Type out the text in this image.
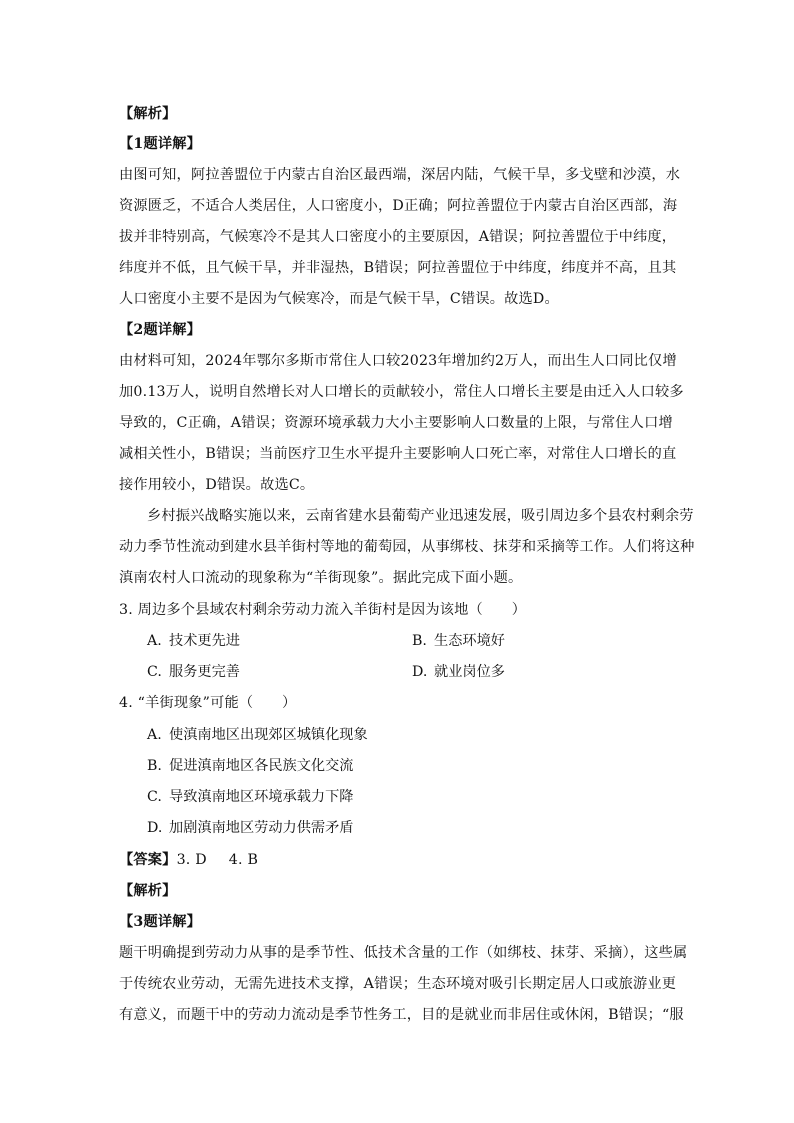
【解析】
【1题详解】
由图可知，阿拉善盟位于内蒙古自治区最西端，深居内陆，气候干旱，多戈壁和沙漠，水
资源匮乏，不适合人类居住，人口密度小，D正确；阿拉善盟位于内蒙古自治区西部，海
拔并非特别高，气候寒冷不是其人口密度小的主要原因，A错误；阿拉善盟位于中纬度，
纬度并不低，且气候干旱，并非湿热，B错误；阿拉善盟位于中纬度，纬度并不高，且其
人口密度小主要不是因为气候寒冷，而是气候干旱，C错误。故选D。
【2题详解】
由材料可知，2024年鄂尔多斯市常住人口较2023年增加约2万人，而出生人口同比仅增
加0.13万人，说明自然增长对人口增长的贡献较小，常住人口增长主要是由迁入人口较多
导致的，C正确，A错误；资源环境承载力大小主要影响人口数量的上限，与常住人口增
减相关性小，B错误；当前医疗卫生水平提升主要影响人口死亡率，对常住人口增长的直
接作用较小，D错误。故选C。
乡村振兴战略实施以来，云南省建水县葡萄产业迅速发展，吸引周边多个县农村剩余劳
动力季节性流动到建水县羊街村等地的葡萄园，从事绑枝、抹芽和采摘等工作。人们将这种
滇南农村人口流动的现象称为“羊街现象”。据此完成下面小题。
3. 周边多个县域农村剩余劳动力流入羊街村是因为该地（　　）
A. 技术更先进	B. 生态环境好
C. 服务更完善	D. 就业岗位多
4. “羊街现象”可能（　　）
A. 使滇南地区出现郊区城镇化现象
B. 促进滇南地区各民族文化交流
C. 导致滇南地区环境承载力下降
D. 加剧滇南地区劳动力供需矛盾
【答案】3. D 4. B
【解析】
【3题详解】
题干明确提到劳动力从事的是季节性、低技术含量的工作（如绑枝、抹芽、采摘），这些属
于传统农业劳动，无需先进技术支撑，A错误；生态环境对吸引长期定居人口或旅游业更
有意义，而题干中的劳动力流动是季节性务工，目的是就业而非居住或休闲，B错误；“服
